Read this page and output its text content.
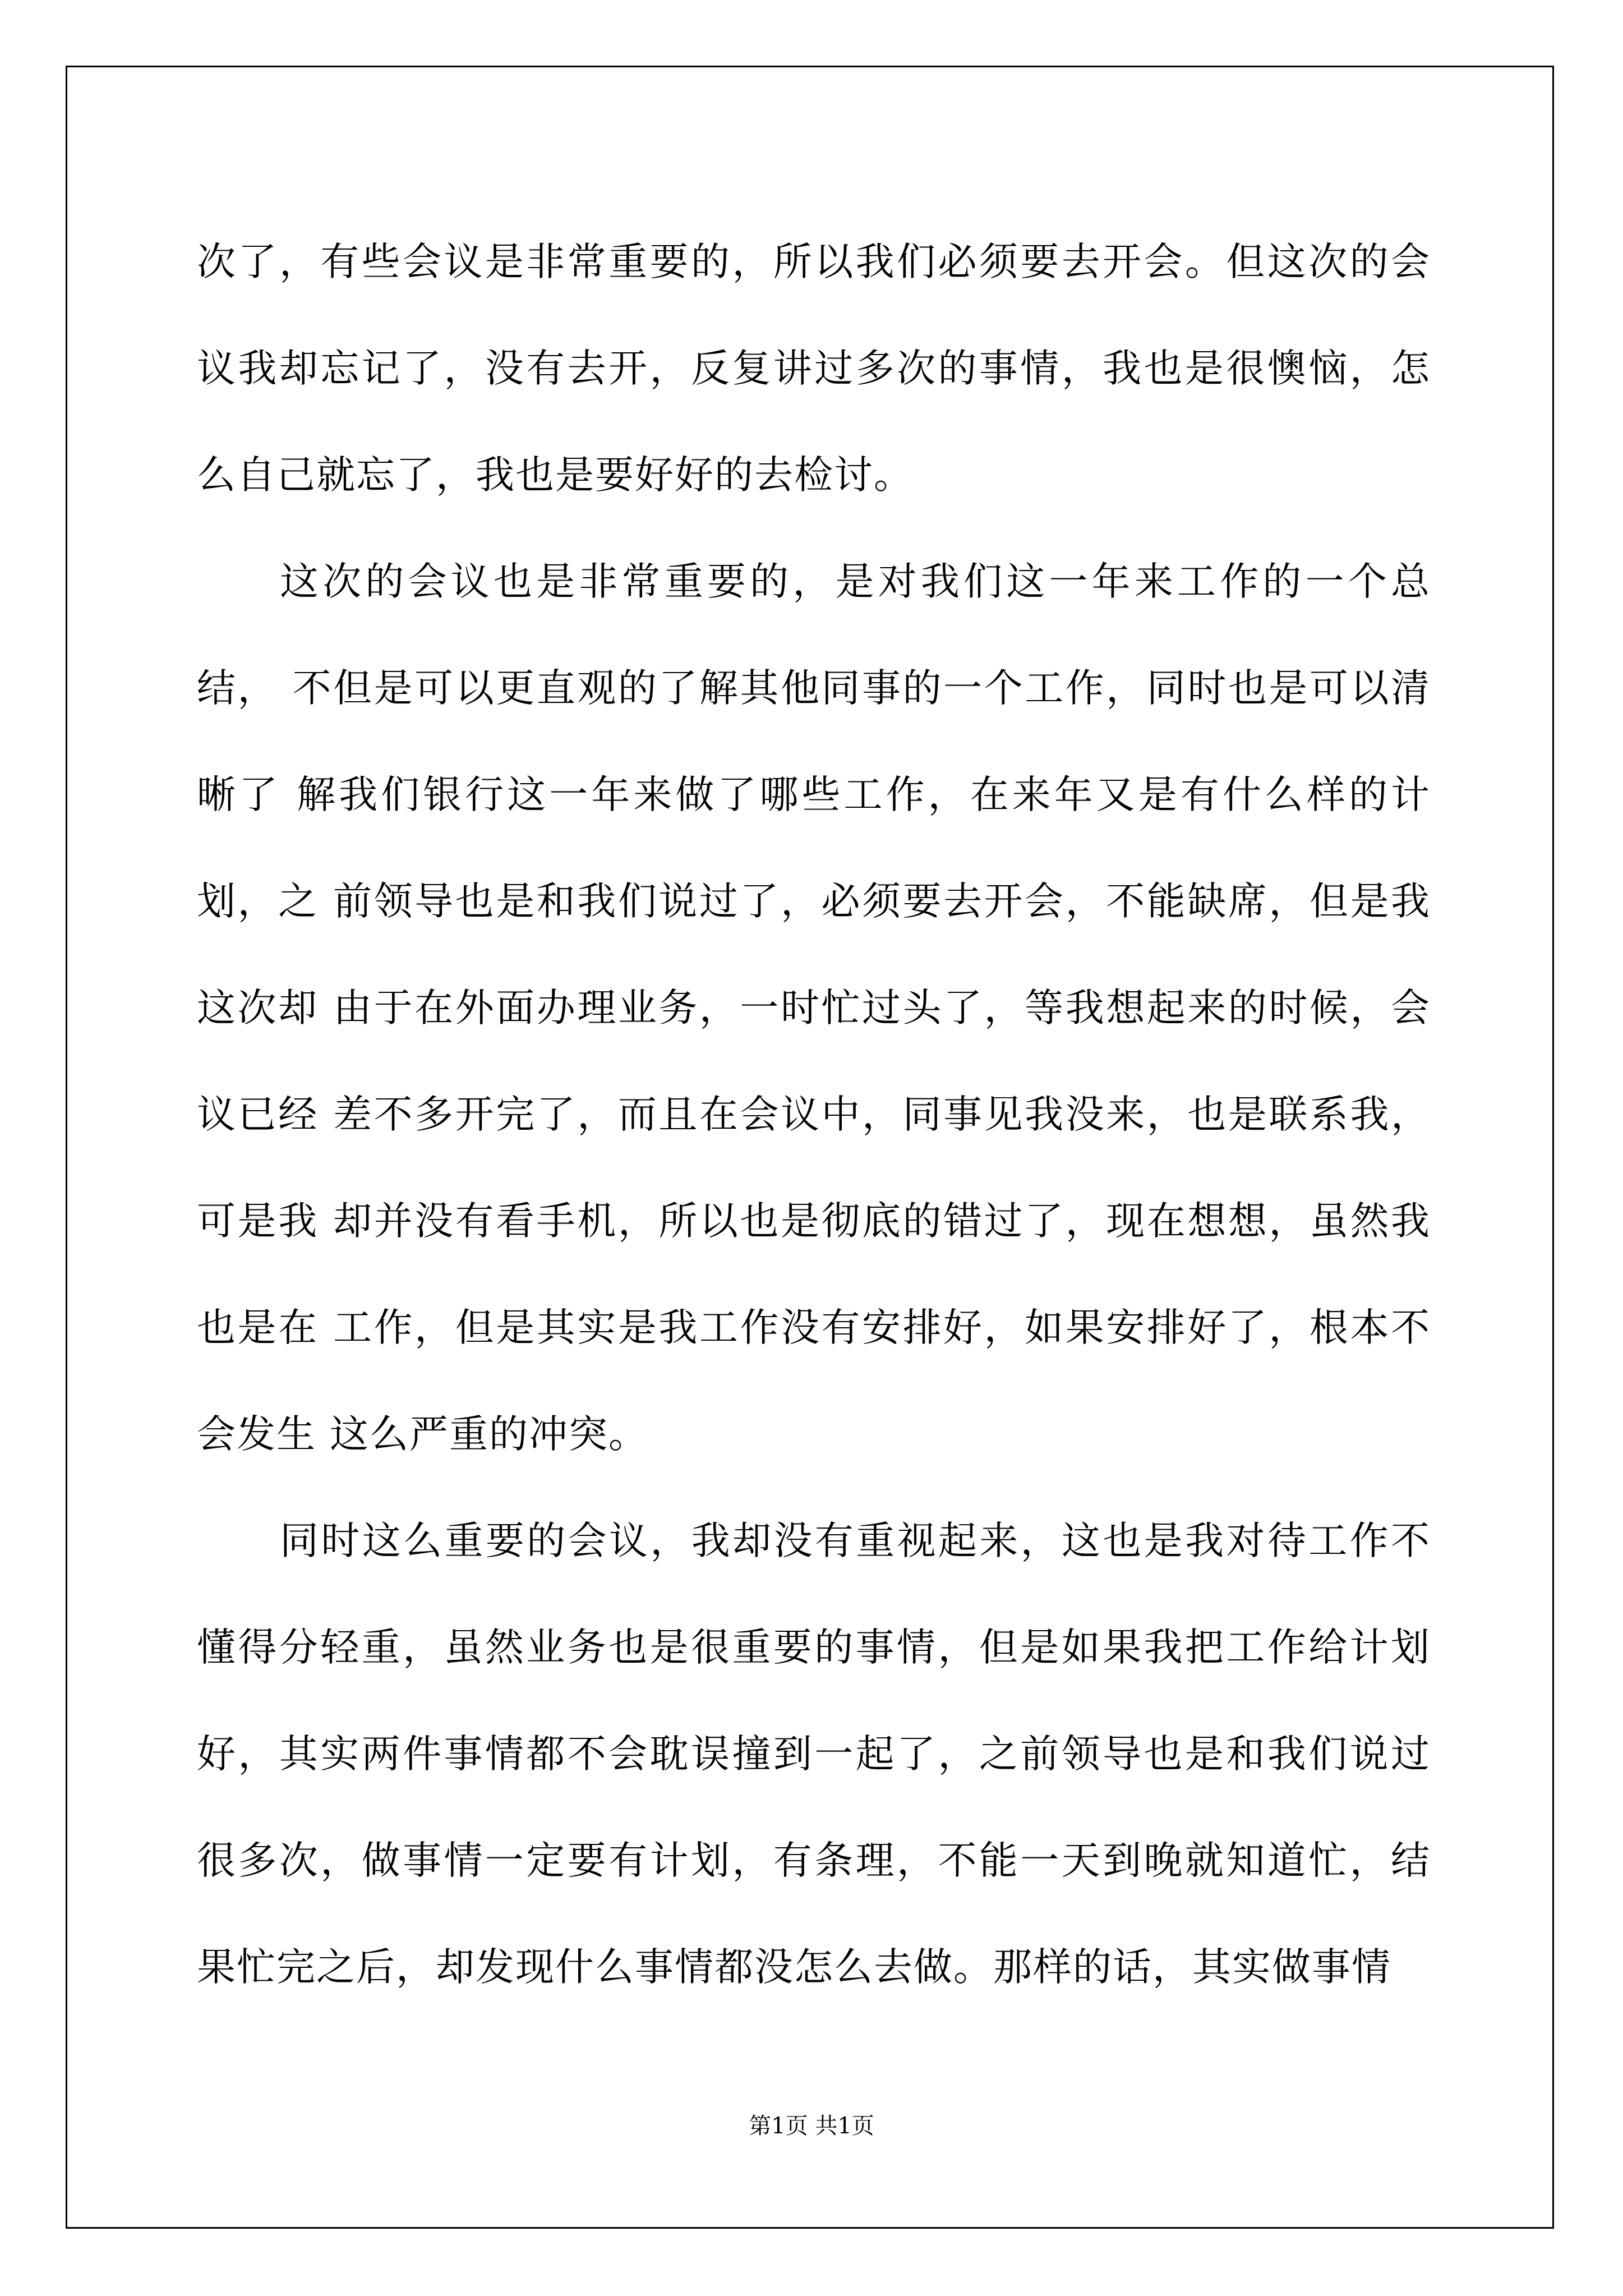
次了，有些会议是非常重要的，所以我们必须要去开会。但这次的会 议我却忘记了，没有去开，反复讲过多次的事情，我也是很懊恼，怎 么自己就忘了，我也是要好好的去检讨。

这次的会议也是非常重要的，是对我们这一年来工作的一个总结， 不但是可以更直观的了解其他同事的一个工作，同时也是可以清晰了 解我们银行这一年来做了哪些工作，在来年又是有什么样的计划，之 前领导也是和我们说过了，必须要去开会，不能缺席，但是我这次却 由于在外面办理业务，一时忙过头了，等我想起来的时候，会议已经 差不多开完了，而且在会议中，同事见我没来，也是联系我，可是我 却并没有看手机，所以也是彻底的错过了，现在想想，虽然我也是在 工作，但是其实是我工作没有安排好，如果安排好了，根本不会发生 这么严重的冲突。

同时这么重要的会议，我却没有重视起来，这也是我对待工作不 懂得分轻重，虽然业务也是很重要的事情，但是如果我把工作给计划 好，其实两件事情都不会耽误撞到一起了，之前领导也是和我们说过 很多次，做事情一定要有计划，有条理，不能一天到晚就知道忙，结 果忙完之后，却发现什么事情都没怎么去做。那样的话，其实做事情

第1页 共1页
